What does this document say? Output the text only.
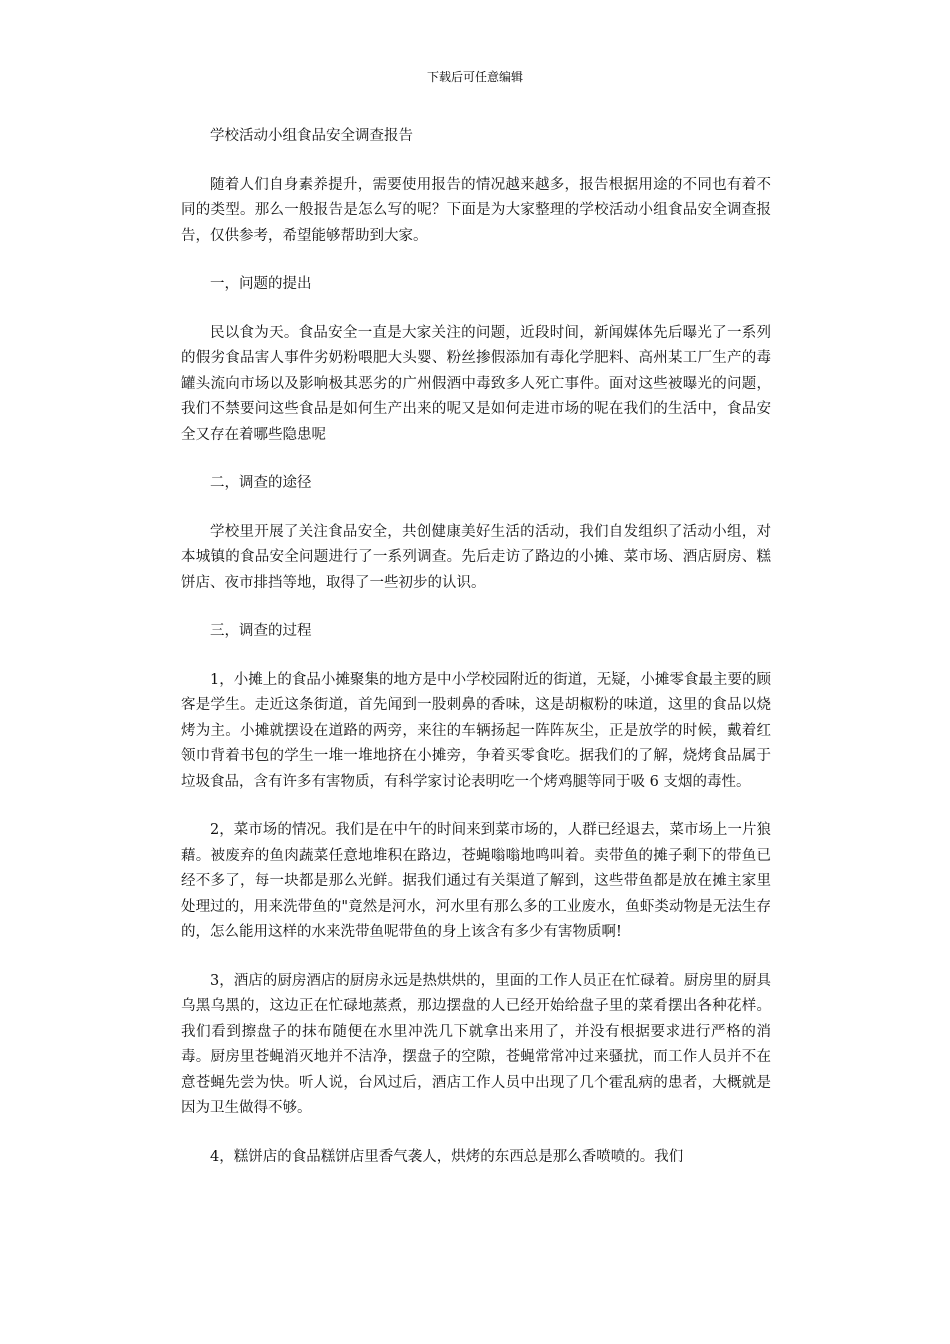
下载后可任意编辑

学校活动小组食品安全调查报告

随着人们自身素养提升，需要使用报告的情况越来越多，报告根据用途的不同也有着不同的类型。那么一般报告是怎么写的呢？下面是为大家整理的学校活动小组食品安全调查报告，仅供参考，希望能够帮助到大家。

一，问题的提出

民以食为天。食品安全一直是大家关注的问题，近段时间，新闻媒体先后曝光了一系列的假劣食品害人事件劣奶粉喂肥大头婴、粉丝掺假添加有毒化学肥料、高州某工厂生产的毒罐头流向市场以及影响极其恶劣的广州假酒中毒致多人死亡事件。面对这些被曝光的问题，我们不禁要问这些食品是如何生产出来的呢又是如何走进市场的呢在我们的生活中，食品安全又存在着哪些隐患呢

二，调查的途径

学校里开展了关注食品安全，共创健康美好生活的活动，我们自发组织了活动小组，对本城镇的食品安全问题进行了一系列调查。先后走访了路边的小摊、菜市场、酒店厨房、糕饼店、夜市排挡等地，取得了一些初步的认识。

三，调查的过程

1，小摊上的食品小摊聚集的地方是中小学校园附近的街道，无疑，小摊零食最主要的顾客是学生。走近这条街道，首先闻到一股刺鼻的香味，这是胡椒粉的味道，这里的食品以烧烤为主。小摊就摆设在道路的两旁，来往的车辆扬起一阵阵灰尘，正是放学的时候，戴着红领巾背着书包的学生一堆一堆地挤在小摊旁，争着买零食吃。据我们的了解，烧烤食品属于垃圾食品，含有许多有害物质，有科学家讨论表明吃一个烤鸡腿等同于吸 6 支烟的毒性。

2，菜市场的情况。我们是在中午的时间来到菜市场的，人群已经退去，菜市场上一片狼藉。被废弃的鱼肉蔬菜任意地堆积在路边，苍蝇嗡嗡地鸣叫着。卖带鱼的摊子剩下的带鱼已经不多了，每一块都是那么光鲜。据我们通过有关渠道了解到，这些带鱼都是放在摊主家里处理过的，用来洗带鱼的"竟然是河水，河水里有那么多的工业废水，鱼虾类动物是无法生存的，怎么能用这样的水来洗带鱼呢带鱼的身上该含有多少有害物质啊!

3，酒店的厨房酒店的厨房永远是热烘烘的，里面的工作人员正在忙碌着。厨房里的厨具乌黑乌黑的，这边正在忙碌地蒸煮，那边摆盘的人已经开始给盘子里的菜肴摆出各种花样。我们看到擦盘子的抹布随便在水里冲洗几下就拿出来用了，并没有根据要求进行严格的消毒。厨房里苍蝇消灭地并不洁净，摆盘子的空隙，苍蝇常常冲过来骚扰，而工作人员并不在意苍蝇先尝为快。听人说，台风过后，酒店工作人员中出现了几个霍乱病的患者，大概就是因为卫生做得不够。

4，糕饼店的食品糕饼店里香气袭人，烘烤的东西总是那么香喷喷的。我们
